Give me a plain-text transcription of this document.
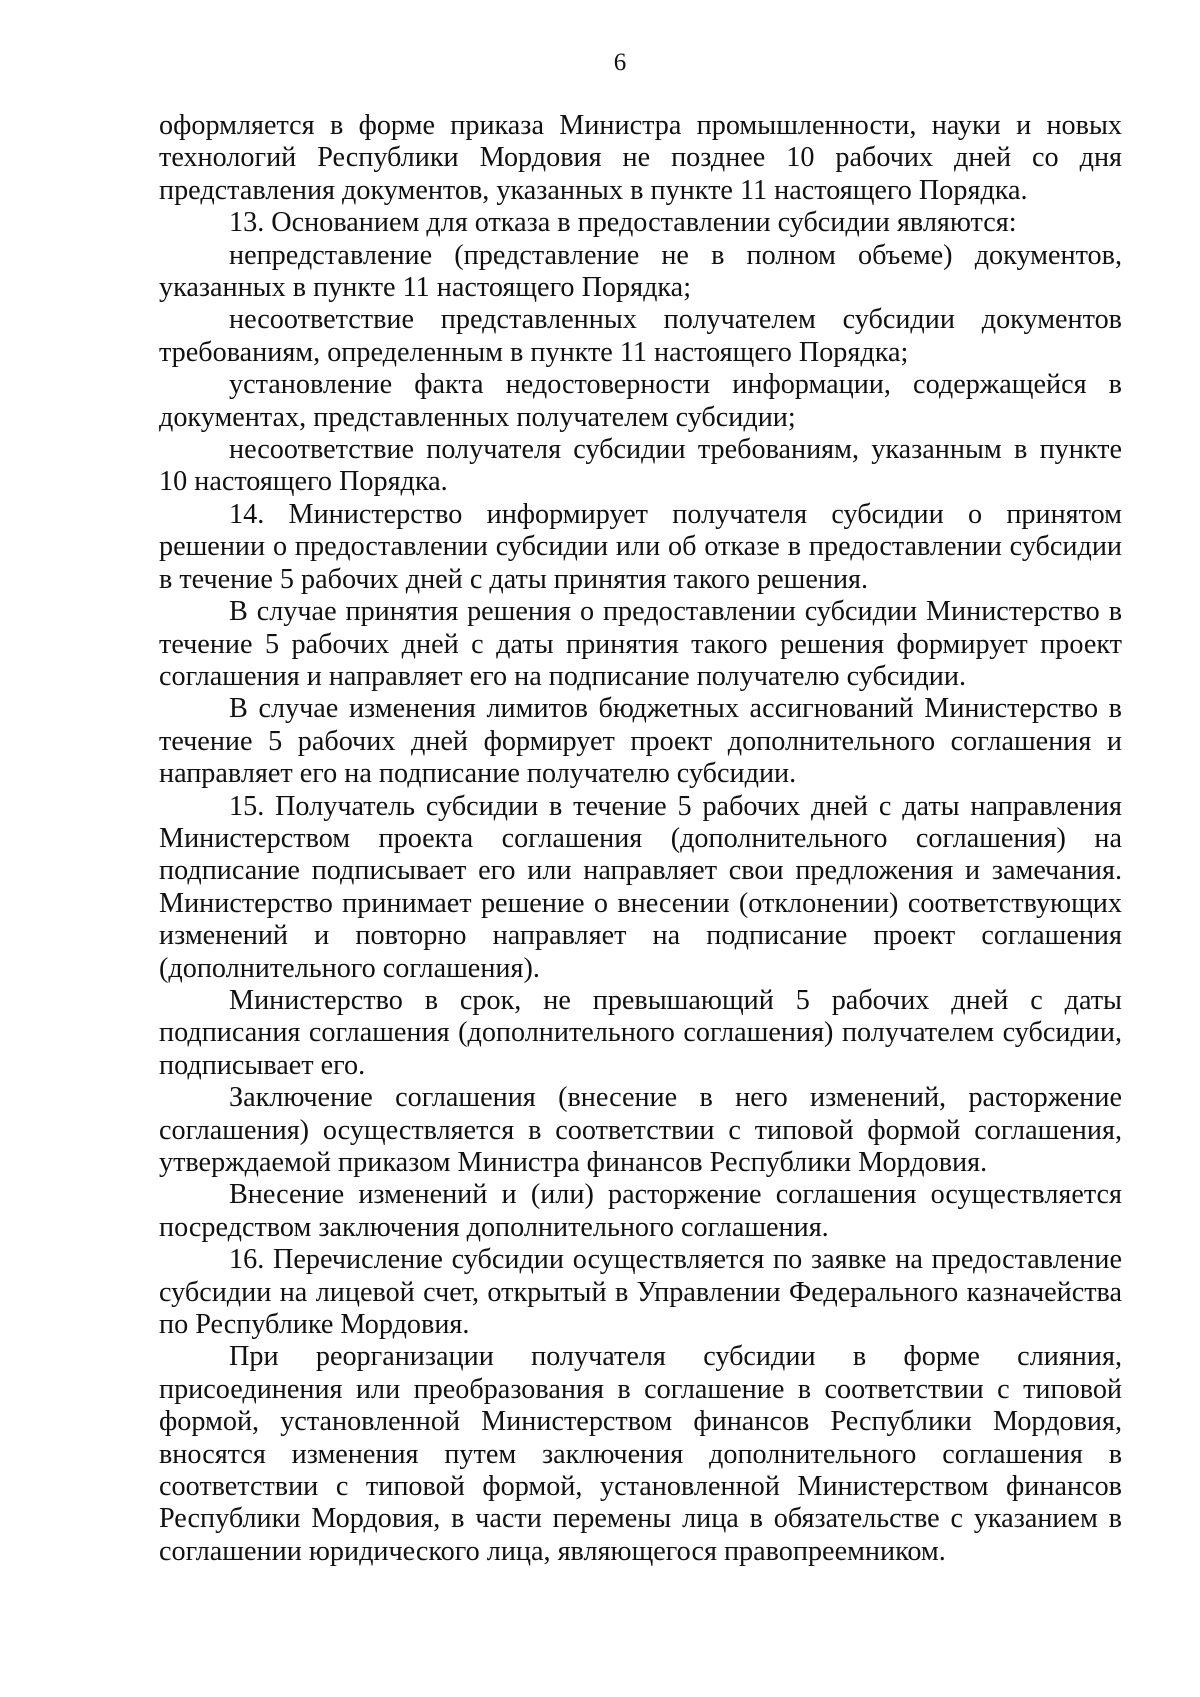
6

оформляется в форме приказа Министра промышленности, науки и новых технологий Республики Мордовия не позднее 10 рабочих дней со дня представления документов, указанных в пункте 11 настоящего Порядка.

13. Основанием для отказа в предоставлении субсидии являются:

непредставление (представление не в полном объеме) документов, указанных в пункте 11 настоящего Порядка;

несоответствие представленных получателем субсидии документов требованиям, определенным в пункте 11 настоящего Порядка;

установление факта недостоверности информации, содержащейся в документах, представленных получателем субсидии;

несоответствие получателя субсидии требованиям, указанным в пункте 10 настоящего Порядка.

14. Министерство информирует получателя субсидии о принятом решении о предоставлении субсидии или об отказе в предоставлении субсидии в течение 5 рабочих дней с даты принятия такого решения.

В случае принятия решения о предоставлении субсидии Министерство в течение 5 рабочих дней с даты принятия такого решения формирует проект соглашения и направляет его на подписание получателю субсидии.

В случае изменения лимитов бюджетных ассигнований Министерство в течение 5 рабочих дней формирует проект дополнительного соглашения и направляет его на подписание получателю субсидии.

15. Получатель субсидии в течение 5 рабочих дней с даты направления Министерством проекта соглашения (дополнительного соглашения) на подписание подписывает его или направляет свои предложения и замечания. Министерство принимает решение о внесении (отклонении) соответствующих изменений и повторно направляет на подписание проект соглашения (дополнительного соглашения).

Министерство в срок, не превышающий 5 рабочих дней с даты подписания соглашения (дополнительного соглашения) получателем субсидии, подписывает его.

Заключение соглашения (внесение в него изменений, расторжение соглашения) осуществляется в соответствии с типовой формой соглашения, утверждаемой приказом Министра финансов Республики Мордовия.

Внесение изменений и (или) расторжение соглашения осуществляется посредством заключения дополнительного соглашения.

16. Перечисление субсидии осуществляется по заявке на предоставление субсидии на лицевой счет, открытый в Управлении Федерального казначейства по Республике Мордовия.

При реорганизации получателя субсидии в форме слияния, присоединения или преобразования в соглашение в соответствии с типовой формой, установленной Министерством финансов Республики Мордовия, вносятся изменения путем заключения дополнительного соглашения в соответствии с типовой формой, установленной Министерством финансов Республики Мордовия, в части перемены лица в обязательстве с указанием в соглашении юридического лица, являющегося правопреемником.
